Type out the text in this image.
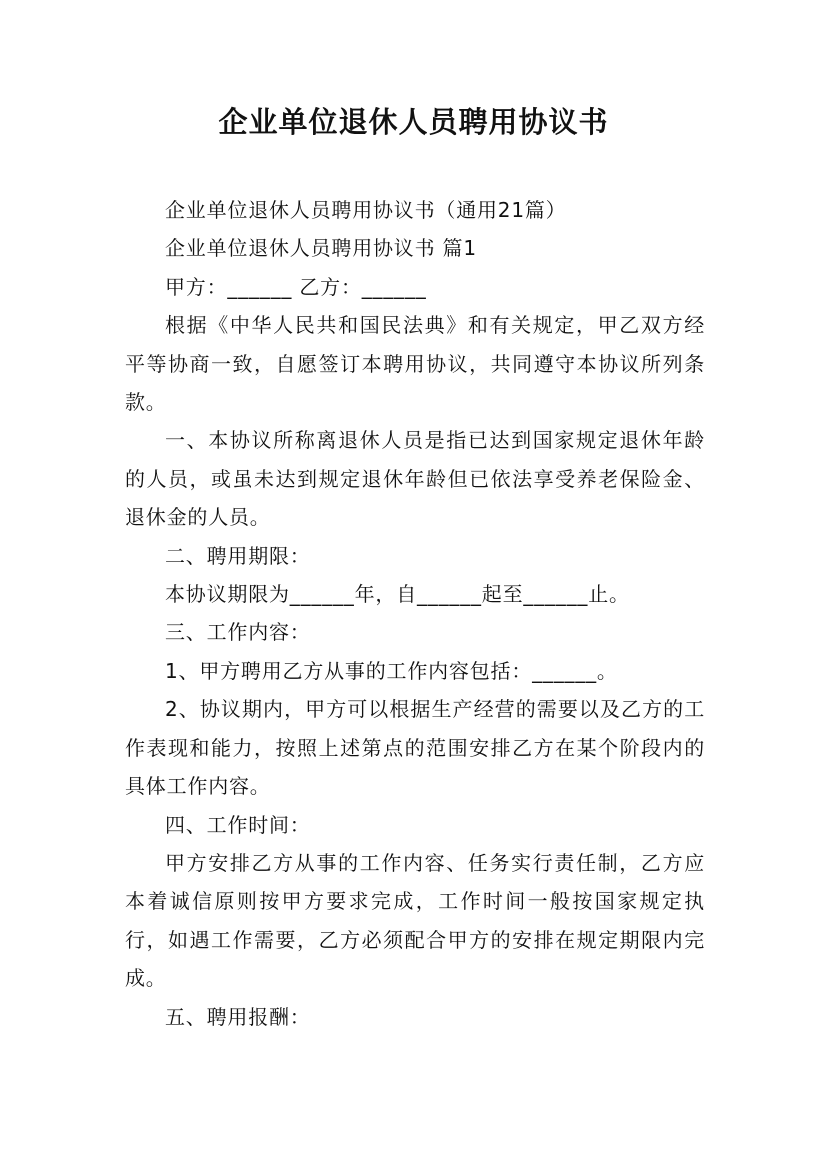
企业单位退休人员聘用协议书

企业单位退休人员聘用协议书（通用21篇）

企业单位退休人员聘用协议书 篇1

甲方：______ 乙方：______

根据《中华人民共和国民法典》和有关规定，甲乙双方经平等协商一致，自愿签订本聘用协议，共同遵守本协议所列条款。

一、本协议所称离退休人员是指已达到国家规定退休年龄的人员，或虽未达到规定退休年龄但已依法享受养老保险金、退休金的人员。

二、聘用期限：

本协议期限为______年，自______起至______止。

三、工作内容：

1、甲方聘用乙方从事的工作内容包括：______。

2、协议期内，甲方可以根据生产经营的需要以及乙方的工作表现和能力，按照上述第点的范围安排乙方在某个阶段内的具体工作内容。

四、工作时间：

甲方安排乙方从事的工作内容、任务实行责任制，乙方应本着诚信原则按甲方要求完成，工作时间一般按国家规定执行，如遇工作需要，乙方必须配合甲方的安排在规定期限内完成。

五、聘用报酬：
